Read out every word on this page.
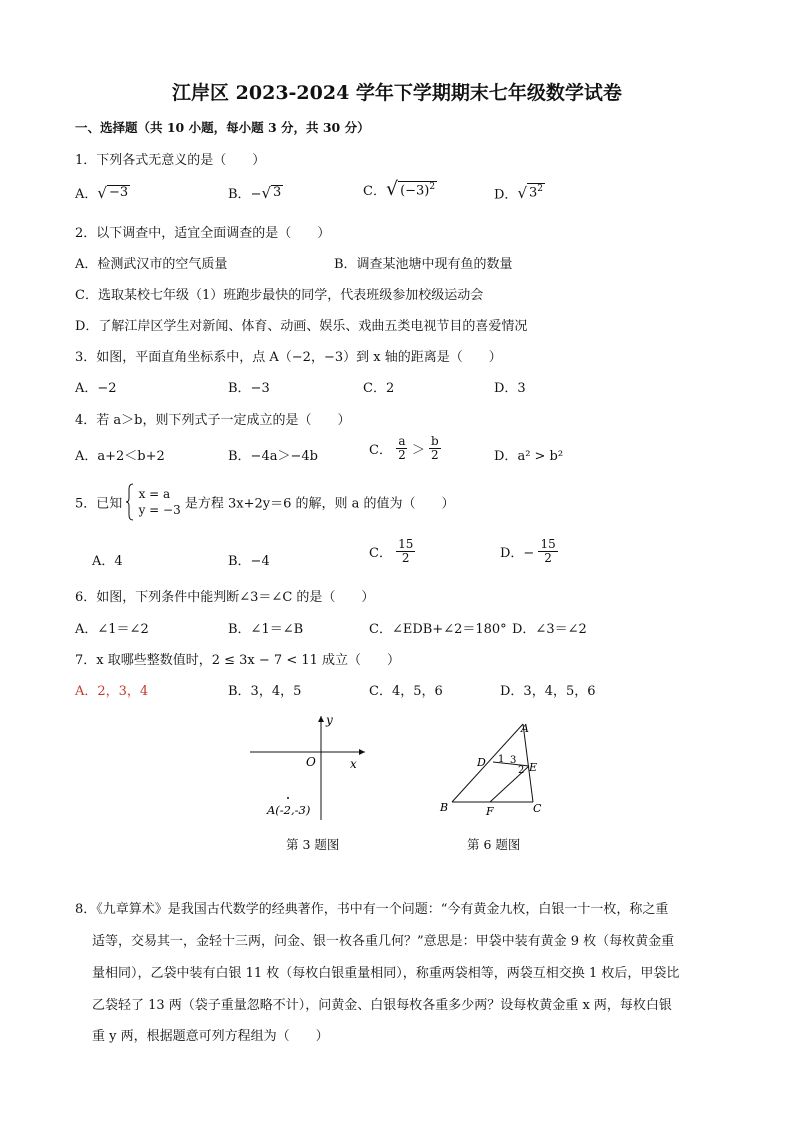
江岸区 2023-2024 学年下学期期末七年级数学试卷
一、选择题（共 10 小题，每小题 3 分，共 30 分）
1．下列各式无意义的是（　　）
A． √ −3	B．− √ 3	C． √ $(-3)^2$
D． √ $3^2$
2．以下调查中，适宜全面调查的是（　　）
A．检测武汉市的空气质量	B．调查某池塘中现有鱼的数量
C．选取某校七年级（1）班跑步最快的同学，代表班级参加校级运动会
D．了解江岸区学生对新闻、体育、动画、娱乐、戏曲五类电视节目的喜爱情况
3．如图，平面直角坐标系中，点 A（−2，−3）到 x 轴的距离是（　　）
A．−2	B．−3	C．2	D．3
4．若 a＞b，则下列式子一定成立的是（　　）
A．a+2＜b+2	B．−4a＞−4b	C． $\frac{a}{2} > \frac{b}{2}$	D．a² > b²
5．已知
x = a
y = −3 是方程 3x+2y＝6 的解，则 a 的值为（　　）
A．4	B．−4
C． $\frac{15}{2}$	D．− $\frac{15}{2}$
6．如图，下列条件中能判断∠3＝∠C 的是（　　）
A．∠1＝∠2	B．∠1＝∠B	C．∠EDB+∠2＝180° D．∠3＝∠2
7．x 取哪些整数值时，2 ≤ 3x − 7 < 11 成立（　　）
A．2，3，4	B．3，4，5	C．4，5，6	D．3，4，5，6
y
O	x
A(-2,-3)
第 3 题图
A
D	E
B	F	C
1
2
3
第 6 题图
8．《九章算术》是我国古代数学的经典著作，书中有一个问题：“今有黄金九枚，白银一十一枚，称之重
适等，交易其一，金轻十三两，问金、银一枚各重几何？”意思是：甲袋中装有黄金 9 枚（每枚黄金重
量相同），乙袋中装有白银 11 枚（每枚白银重量相同），称重两袋相等，两袋互相交换 1 枚后，甲袋比
乙袋轻了 13 两（袋子重量忽略不计），问黄金、白银每枚各重多少两？设每枚黄金重 x 两，每枚白银
重 y 两，根据题意可列方程组为（　　）
